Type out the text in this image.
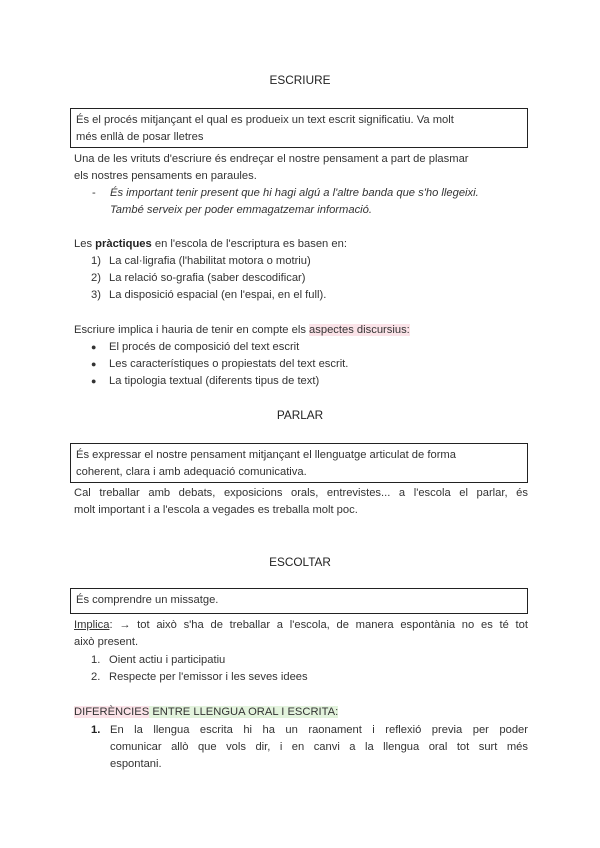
ESCRIURE
És el procés mitjançant el qual es produeix un text escrit significatiu. Va molt
més enllà de posar lletres
Una de les vrituts d'escriure és endreçar el nostre pensament a part de plasmar
els nostres pensaments en paraules.
- És important tenir present que hi hagi algú a l'altre banda que s'ho llegeixi.
També serveix per poder emmagatzemar informació.
Les pràctiques en l'escola de l'escriptura es basen en:
1) La cal·ligrafia (l'habilitat motora o motriu)
2) La relació so-grafia (saber descodificar)
3) La disposició espacial (en l'espai, en el full).
Escriure implica i hauria de tenir en compte els aspectes discursius:
● El procés de composició del text escrit
● Les característiques o propiestats del text escrit.
● La tipologia textual (diferents tipus de text)
PARLAR
És expressar el nostre pensament mitjançant el llenguatge articulat de forma
coherent, clara i amb adequació comunicativa.
Cal treballar amb debats, exposicions orals, entrevistes... a l'escola el parlar, és
molt important i a l'escola a vegades es treballa molt poc.
ESCOLTAR
És comprendre un missatge.
Implica: → tot això s'ha de treballar a l'escola, de manera espontània no es té tot
això present.
1. Oient actiu i participatiu
2. Respecte per l'emissor i les seves idees
DIFERÈNCIES ENTRE LLENGUA ORAL I ESCRITA:
1. En la llengua escrita hi ha un raonament i reflexió previa per poder
comunicar allò que vols dir, i en canvi a la llengua oral tot surt més
espontani.
